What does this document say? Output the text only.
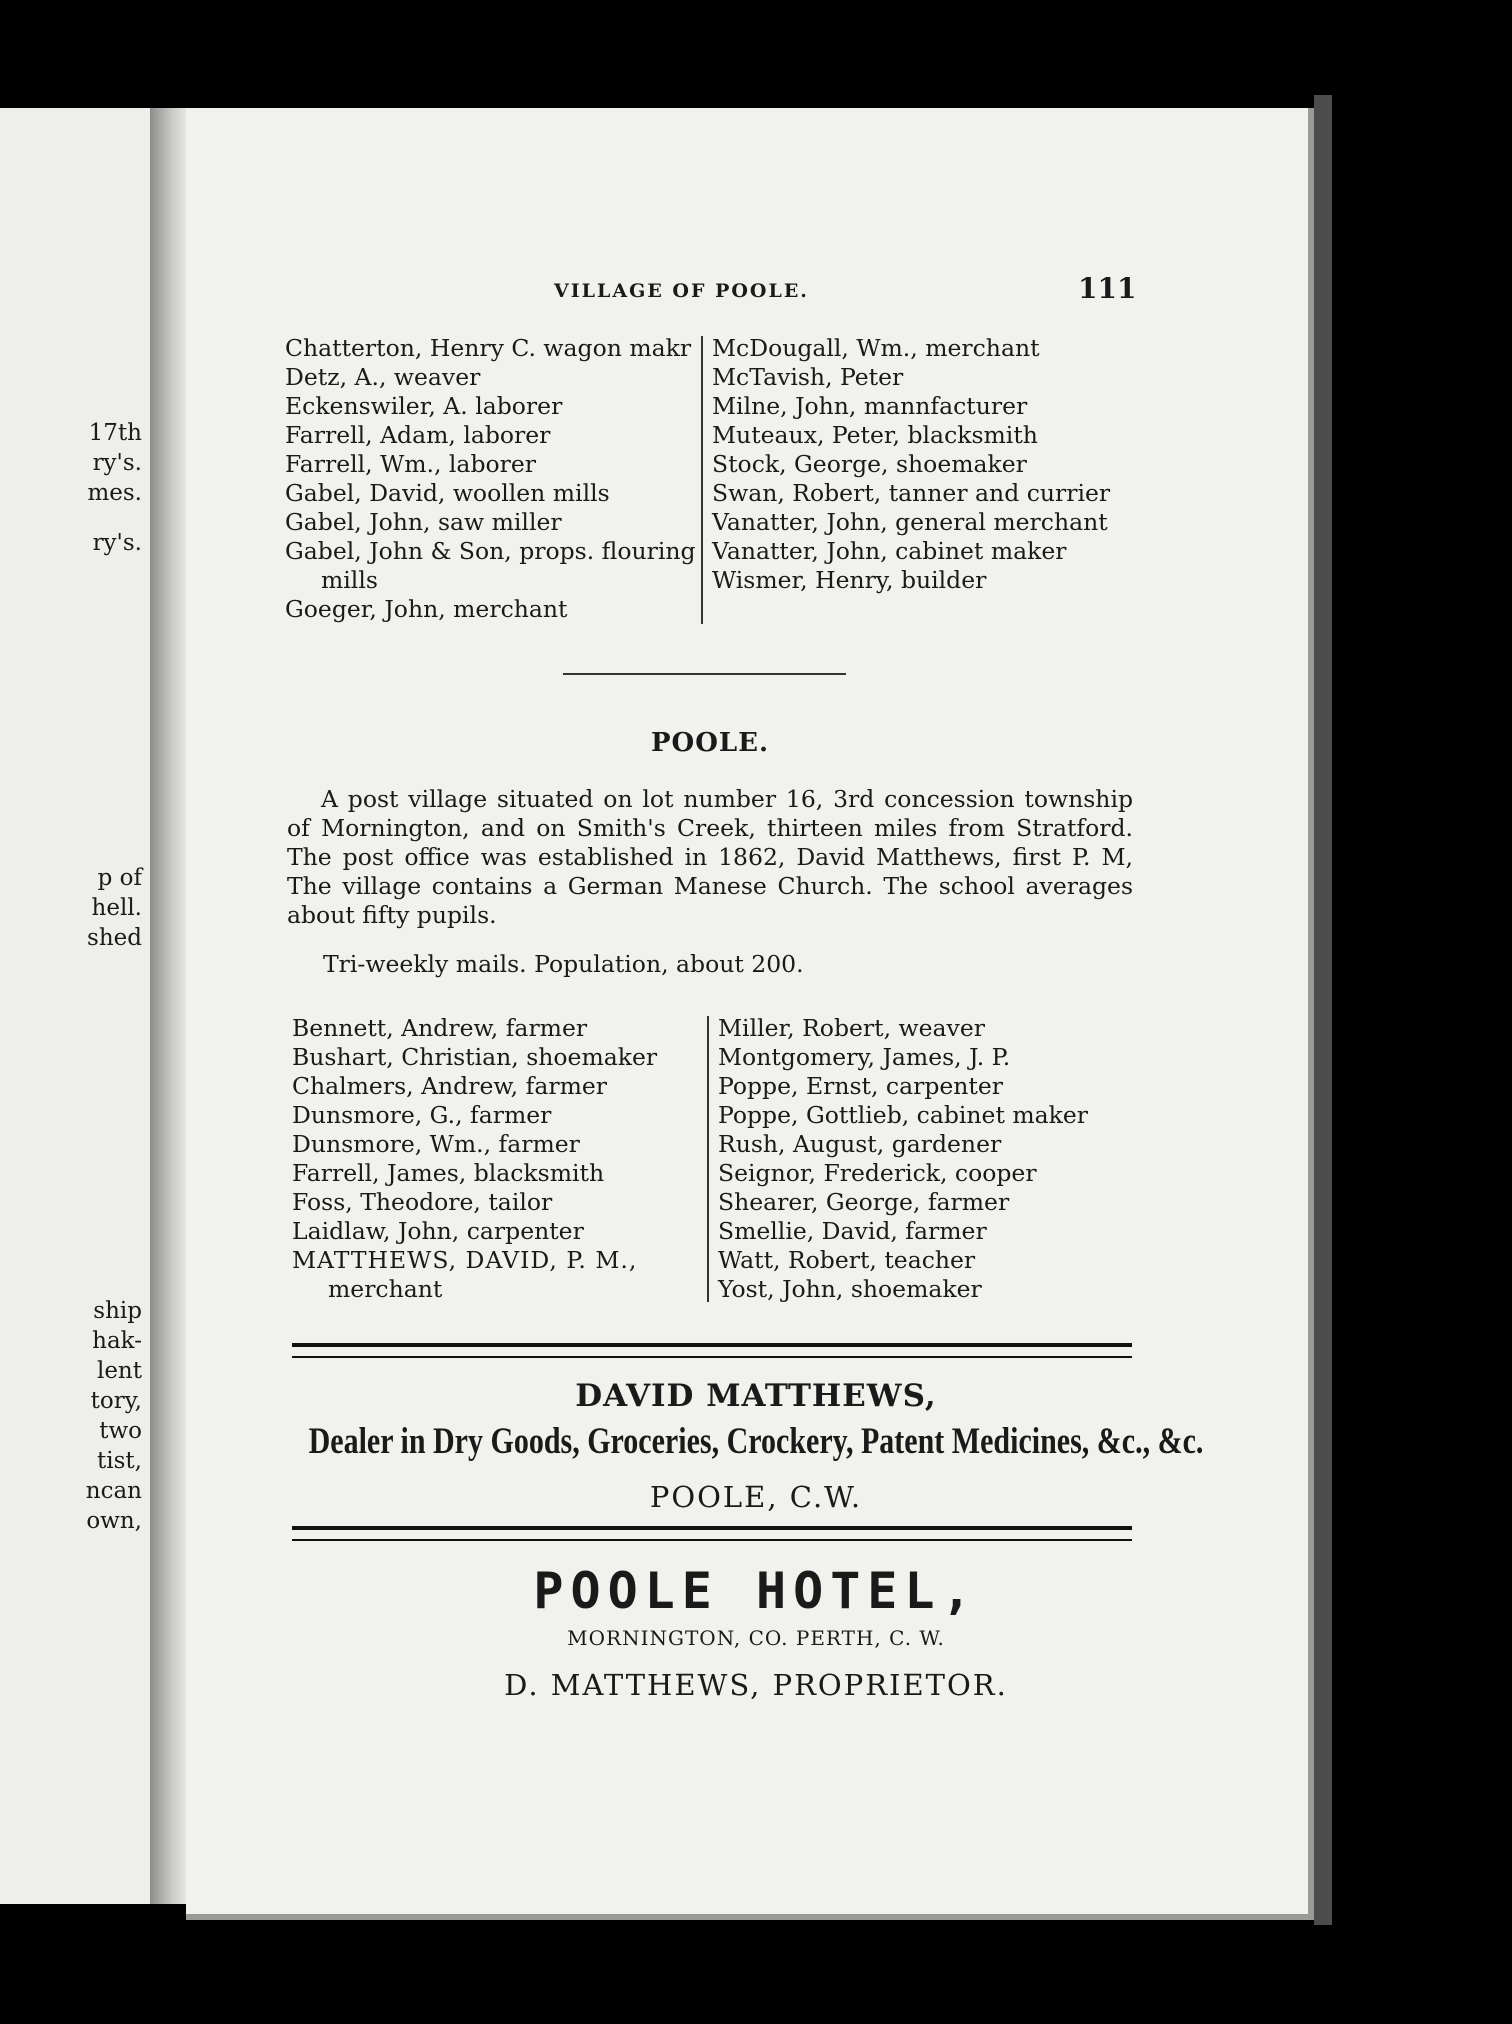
17th
ry's.
mes.
ry's.
p of
hell.
shed
ship
hak-
lent
tory,
two
tist,
ncan
own,
VILLAGE OF POOLE.	111
Chatterton, Henry C. wagon makr
Detz, A., weaver
Eckenswiler, A. laborer
Farrell, Adam, laborer
Farrell, Wm., laborer
Gabel, David, woollen mills
Gabel, John, saw miller
Gabel, John & Son, props. flouring
mills
Goeger, John, merchant
McDougall, Wm., merchant
McTavish, Peter
Milne, John, mannfacturer
Muteaux, Peter, blacksmith
Stock, George, shoemaker
Swan, Robert, tanner and currier
Vanatter, John, general merchant
Vanatter, John, cabinet maker
Wismer, Henry, builder
POOLE.
A post village situated on lot number 16, 3rd concession township of Mornington, and on Smith's Creek, thirteen miles from Stratford. The post office was established in 1862, David Matthews, first P. M, The village contains a German Manese Church. The school averages about fifty pupils.
Tri-weekly mails. Population, about 200.
Bennett, Andrew, farmer
Bushart, Christian, shoemaker
Chalmers, Andrew, farmer
Dunsmore, G., farmer
Dunsmore, Wm., farmer
Farrell, James, blacksmith
Foss, Theodore, tailor
Laidlaw, John, carpenter
MATTHEWS, DAVID, P. M.,
merchant
Miller, Robert, weaver
Montgomery, James, J. P.
Poppe, Ernst, carpenter
Poppe, Gottlieb, cabinet maker
Rush, August, gardener
Seignor, Frederick, cooper
Shearer, George, farmer
Smellie, David, farmer
Watt, Robert, teacher
Yost, John, shoemaker
DAVID MATTHEWS,
Dealer in Dry Goods, Groceries, Crockery, Patent Medicines, &c., &c.
POOLE, C.W.
POOLE HOTEL,
MORNINGTON, CO. PERTH, C. W.
D. MATTHEWS, PROPRIETOR.
